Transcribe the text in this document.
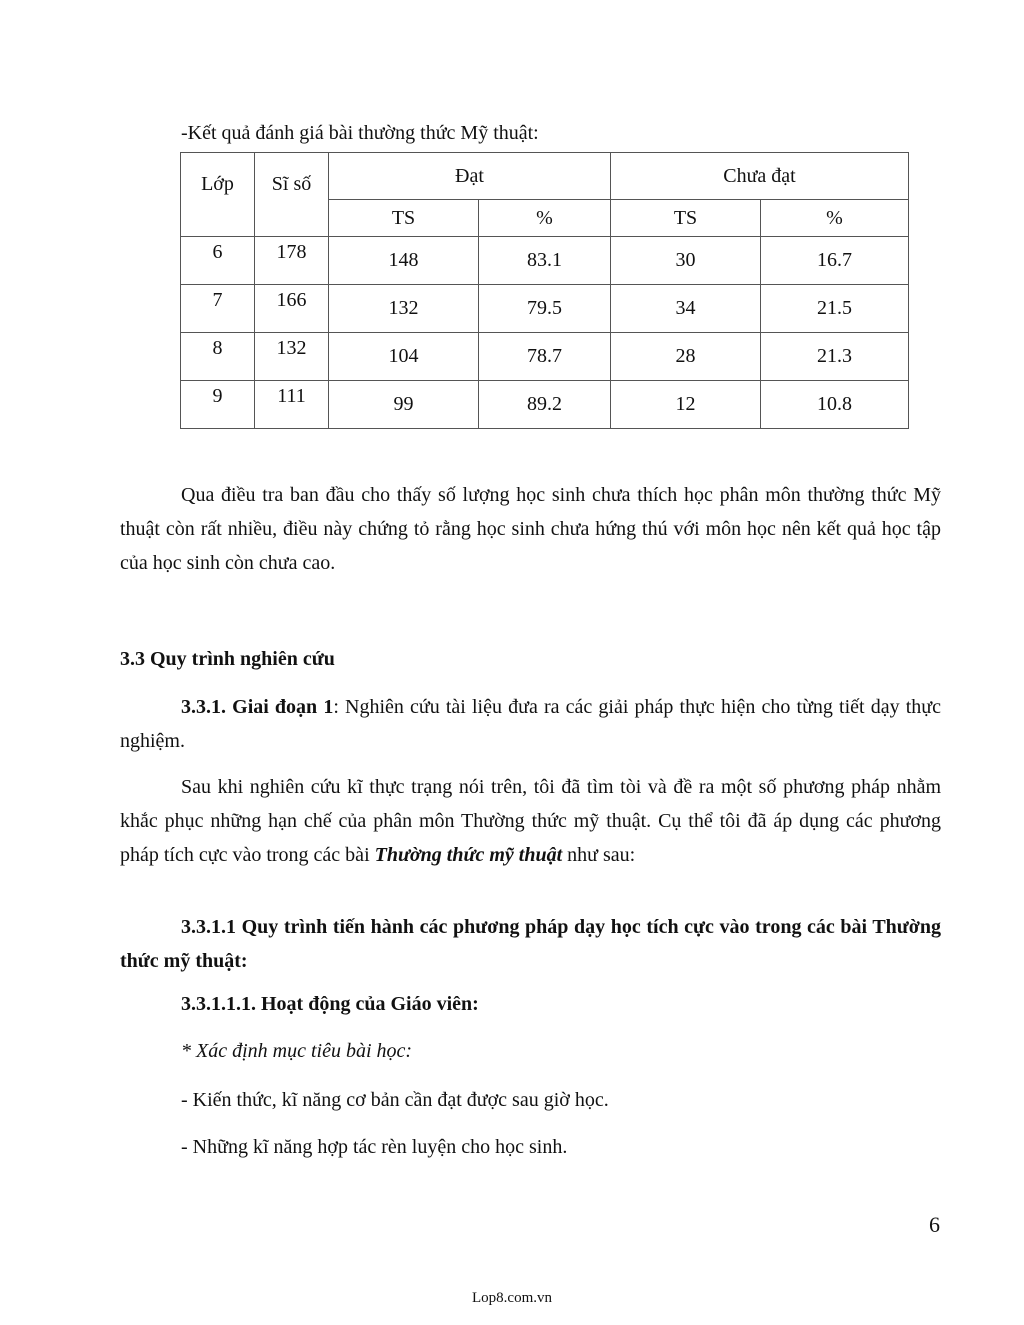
-Kết quả đánh giá bài thường thức Mỹ thuật:
Lớp	Sĩ số	Đạt		Chưa đạt	
		TS	%	TS	%
6	178	148	83.1	30	16.7
7	166	132	79.5	34	21.5
8	132	104	78.7	28	21.3
9	111	99	89.2	12	10.8

Qua điều tra ban đầu cho thấy số lượng học sinh chưa thích học phân môn thường thức Mỹ thuật còn rất nhiều, điều này chứng tỏ rằng học sinh chưa hứng thú với môn học nên kết quả học tập của học sinh còn chưa cao.

3.3 Quy trình nghiên cứu

3.3.1. Giai đoạn 1: Nghiên cứu tài liệu đưa ra các giải pháp thực hiện cho từng tiết dạy thực nghiệm.

Sau khi nghiên cứu kĩ thực trạng nói trên, tôi đã tìm tòi và đề ra một số phương pháp nhằm khắc phục những hạn chế của phân môn Thường thức mỹ thuật. Cụ thể tôi đã áp dụng các phương pháp tích cực vào trong các bài Thường thức mỹ thuật như sau:

3.3.1.1 Quy trình tiến hành các phương pháp dạy học tích cực vào trong các bài Thường thức mỹ thuật:

3.3.1.1.1. Hoạt động của Giáo viên:
* Xác định mục tiêu bài học:
- Kiến thức, kĩ năng cơ bản cần đạt được sau giờ học.
- Những kĩ năng hợp tác rèn luyện cho học sinh.
6
Lop8.com.vn
